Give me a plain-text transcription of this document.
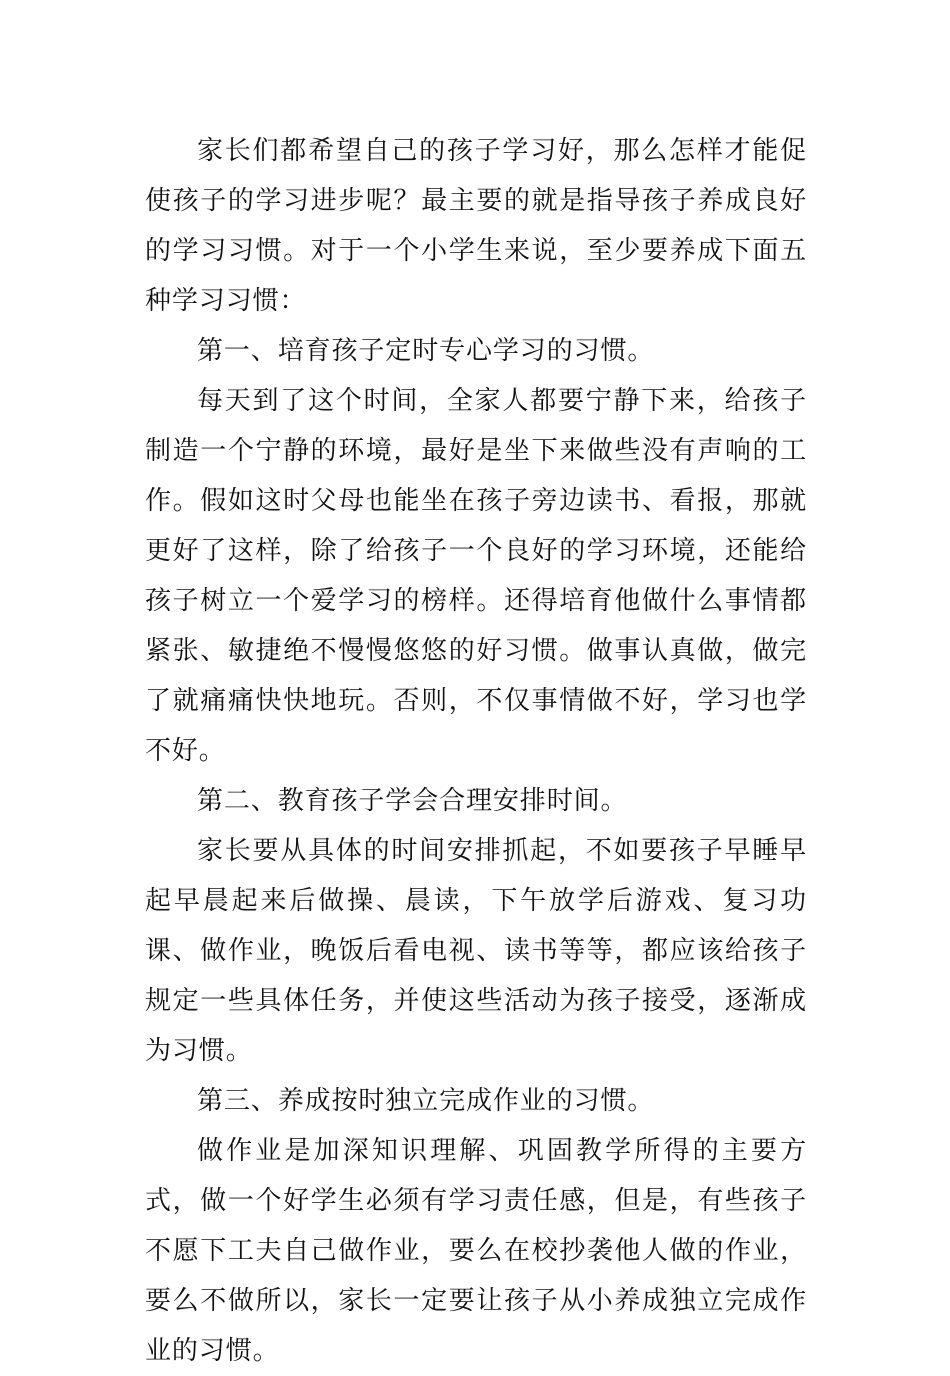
家长们都希望自己的孩子学习好，那么怎样才能促使孩子的学习进步呢？最主要的就是指导孩子养成良好的学习习惯。对于一个小学生来说，至少要养成下面五种学习习惯：

第一、培育孩子定时专心学习的习惯。

每天到了这个时间，全家人都要宁静下来，给孩子制造一个宁静的环境，最好是坐下来做些没有声响的工作。假如这时父母也能坐在孩子旁边读书、看报，那就更好了这样，除了给孩子一个良好的学习环境，还能给孩子树立一个爱学习的榜样。还得培育他做什么事情都紧张、敏捷绝不慢慢悠悠的好习惯。做事认真做，做完了就痛痛快快地玩。否则，不仅事情做不好，学习也学不好。

第二、教育孩子学会合理安排时间。

家长要从具体的时间安排抓起，不如要孩子早睡早起早晨起来后做操、晨读，下午放学后游戏、复习功课、做作业，晚饭后看电视、读书等等，都应该给孩子规定一些具体任务，并使这些活动为孩子接受，逐渐成为习惯。

第三、养成按时独立完成作业的习惯。

做作业是加深知识理解、巩固教学所得的主要方式，做一个好学生必须有学习责任感，但是，有些孩子不愿下工夫自己做作业，要么在校抄袭他人做的作业，要么不做所以，家长一定要让孩子从小养成独立完成作业的习惯。
